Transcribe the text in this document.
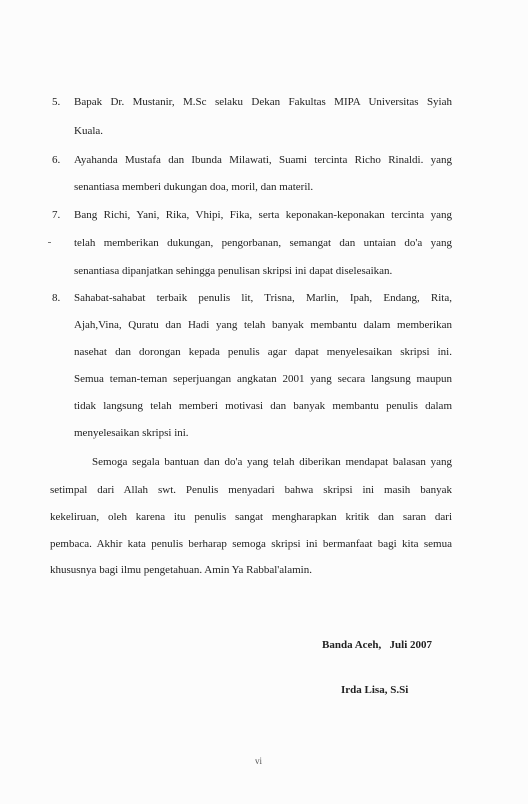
5. Bapak Dr. Mustanir, M.Sc selaku Dekan Fakultas MIPA Universitas Syiah
Kuala.
6. Ayahanda Mustafa dan Ibunda Milawati, Suami tercinta Richo Rinaldi. yang
senantiasa memberi dukungan doa, moril, dan materil.
7. Bang Richi, Yani, Rika, Vhipi, Fika, serta keponakan-keponakan tercinta yang
telah memberikan dukungan, pengorbanan, semangat dan untaian do'a yang
senantiasa dipanjatkan sehingga penulisan skripsi ini dapat diselesaikan.
8. Sahabat-sahabat terbaik penulis lit, Trisna, Marlin, Ipah, Endang, Rita,
Ajah,Vina, Quratu dan Hadi yang telah banyak membantu dalam memberikan
nasehat dan dorongan kepada penulis agar dapat menyelesaikan skripsi ini.
Semua teman-teman seperjuangan angkatan 2001 yang secara langsung maupun
tidak langsung telah memberi motivasi dan banyak membantu penulis dalam
menyelesaikan skripsi ini.
Semoga segala bantuan dan do'a yang telah diberikan mendapat balasan yang
setimpal dari Allah swt. Penulis menyadari bahwa skripsi ini masih banyak
kekeliruan, oleh karena itu penulis sangat mengharapkan kritik dan saran dari
pembaca. Akhir kata penulis berharap semoga skripsi ini bermanfaat bagi kita semua
khususnya bagi ilmu pengetahuan. Amin Ya Rabbal'alamin.
Banda Aceh,   Juli 2007
Irda Lisa, S.Si
vi
